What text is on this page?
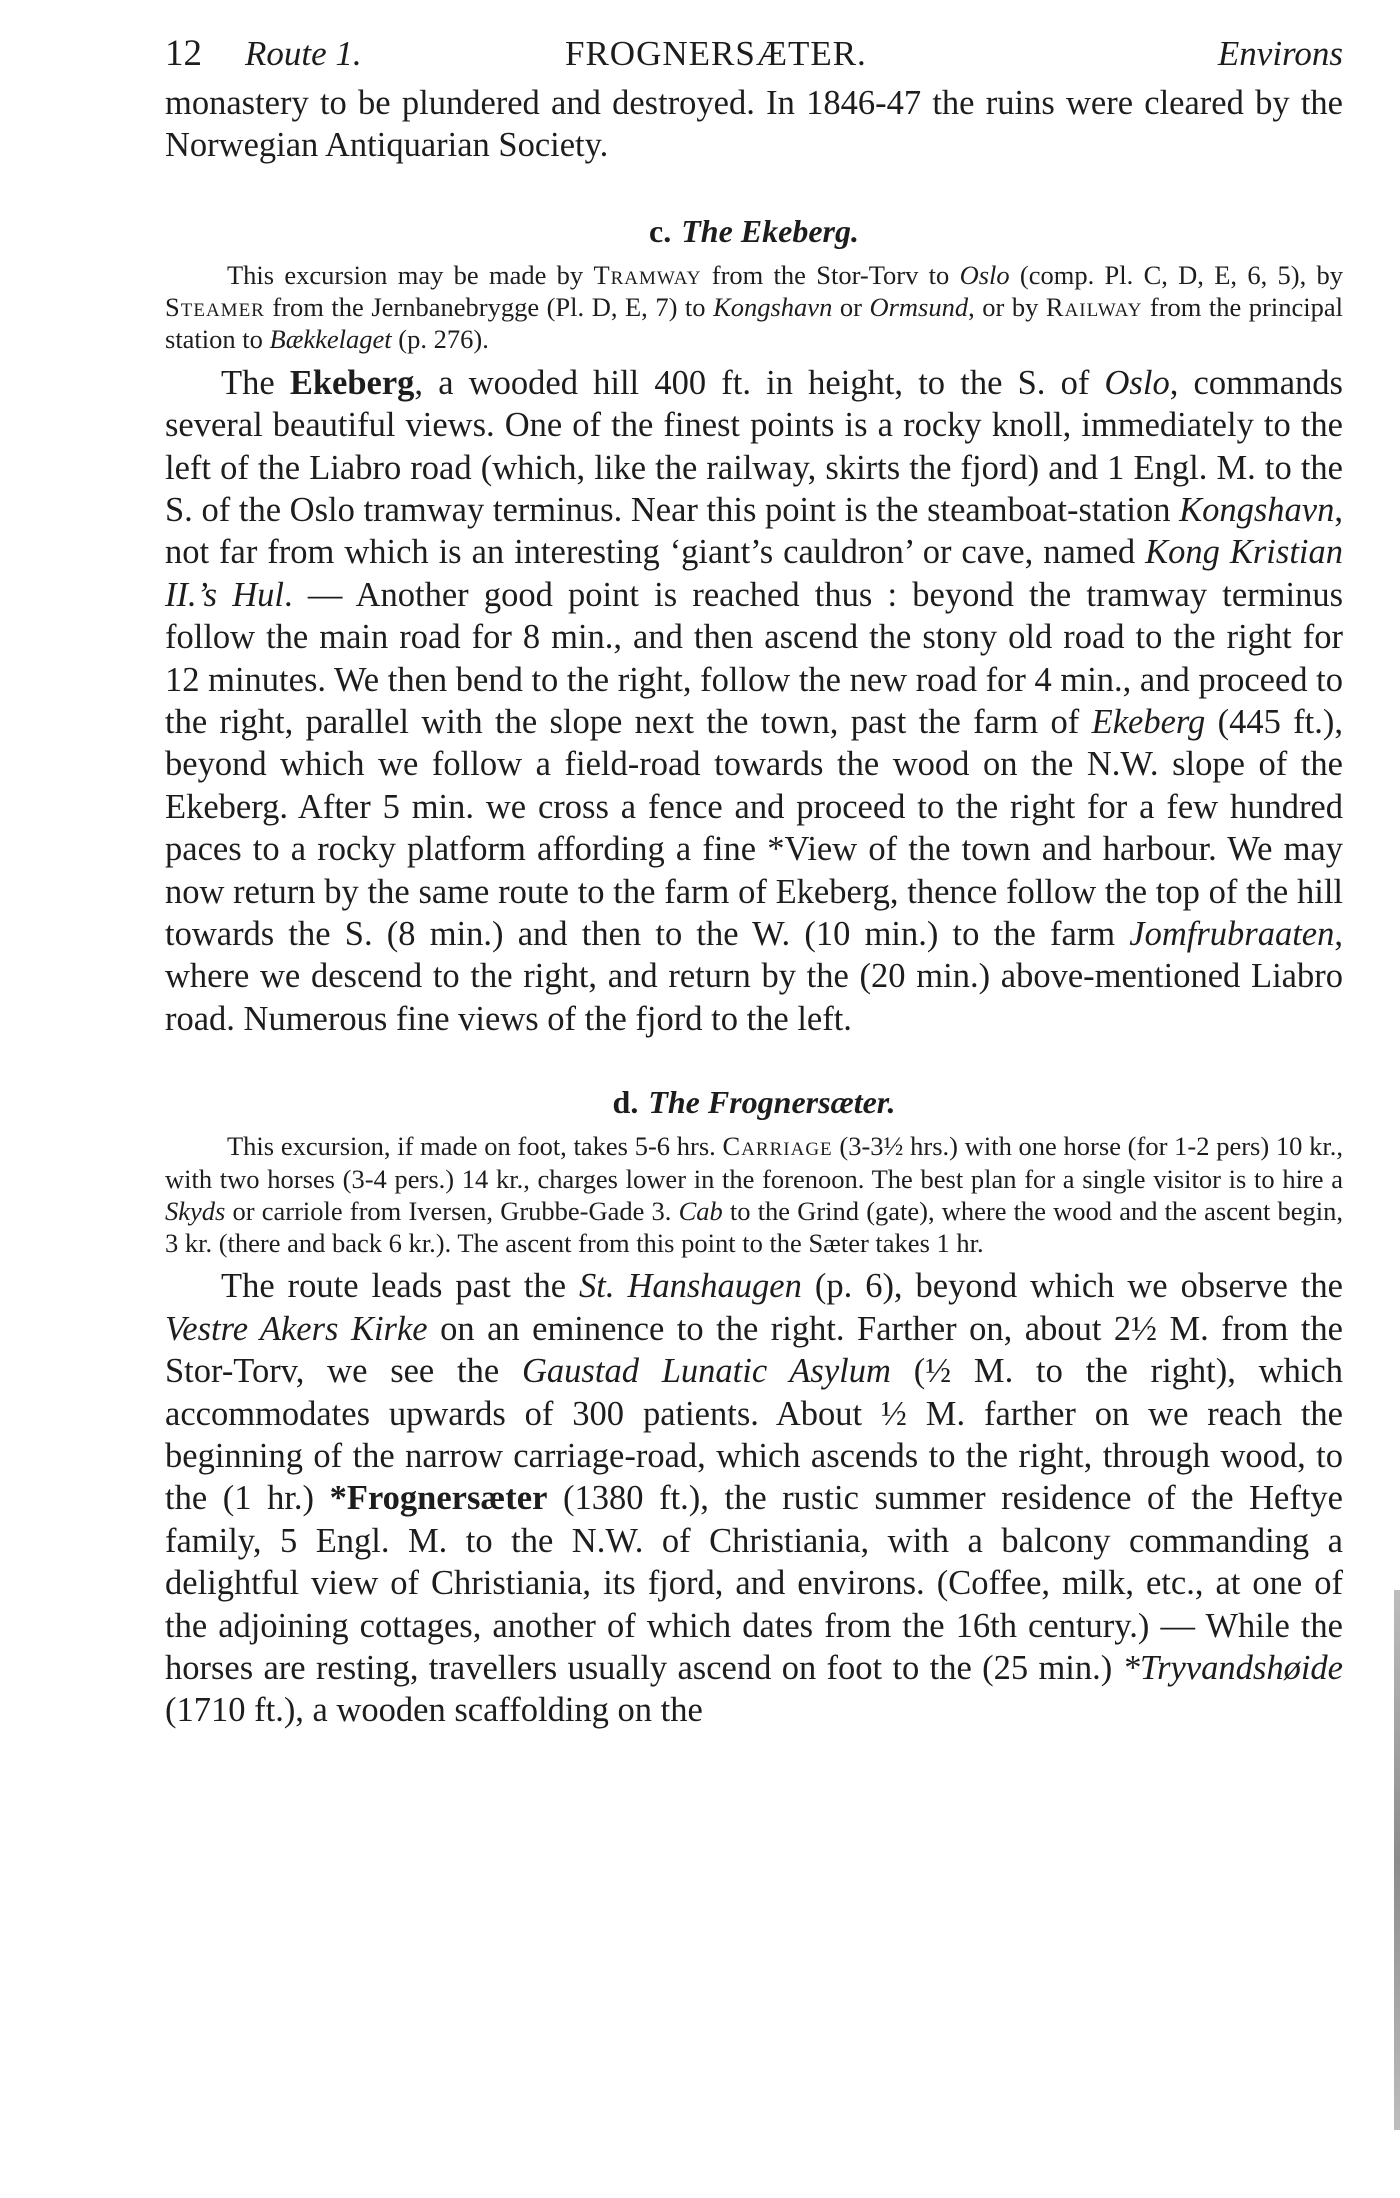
12 Route 1.	FROGNERSÆTER.	Environs

monastery to be plundered and destroyed. In 1846-47 the ruins were cleared by the Norwegian Antiquarian Society.

c. The Ekeberg.

This excursion may be made by Tramway from the Stor-Torv to Oslo (comp. Pl. C, D, E, 6, 5), by Steamer from the Jernbanebrygge (Pl. D, E, 7) to Kongshavn or Ormsund, or by Railway from the principal station to Bækkelaget (p. 276).

The Ekeberg, a wooded hill 400 ft. in height, to the S. of Oslo, commands several beautiful views. One of the finest points is a rocky knoll, immediately to the left of the Liabro road (which, like the railway, skirts the fjord) and 1 Engl. M. to the S. of the Oslo tramway terminus. Near this point is the steamboat-station Kongshavn, not far from which is an interesting ‘giant’s cauldron’ or cave, named Kong Kristian II.’s Hul. — Another good point is reached thus : beyond the tramway terminus follow the main road for 8 min., and then ascend the stony old road to the right for 12 minutes. We then bend to the right, follow the new road for 4 min., and proceed to the right, parallel with the slope next the town, past the farm of Ekeberg (445 ft.), beyond which we follow a field-road towards the wood on the N.W. slope of the Ekeberg. After 5 min. we cross a fence and proceed to the right for a few hundred paces to a rocky platform affording a fine *View of the town and harbour. We may now return by the same route to the farm of Ekeberg, thence follow the top of the hill towards the S. (8 min.) and then to the W. (10 min.) to the farm Jomfrubraaten, where we descend to the right, and return by the (20 min.) above-mentioned Liabro road. Numerous fine views of the fjord to the left.

d. The Frognersæter.

This excursion, if made on foot, takes 5-6 hrs. Carriage (3-3½ hrs.) with one horse (for 1-2 pers) 10 kr., with two horses (3-4 pers.) 14 kr., charges lower in the forenoon. The best plan for a single visitor is to hire a Skyds or carriole from Iversen, Grubbe-Gade 3. Cab to the Grind (gate), where the wood and the ascent begin, 3 kr. (there and back 6 kr.). The ascent from this point to the Sæter takes 1 hr.

The route leads past the St. Hanshaugen (p. 6), beyond which we observe the Vestre Akers Kirke on an eminence to the right. Farther on, about 2½ M. from the Stor-Torv, we see the Gaustad Lunatic Asylum (½ M. to the right), which accommodates upwards of 300 patients. About ½ M. farther on we reach the beginning of the narrow carriage-road, which ascends to the right, through wood, to the (1 hr.) *Frognersæter (1380 ft.), the rustic summer residence of the Heftye family, 5 Engl. M. to the N.W. of Christiania, with a balcony commanding a delightful view of Christiania, its fjord, and environs. (Coffee, milk, etc., at one of the adjoining cottages, another of which dates from the 16th century.) — While the horses are resting, travellers usually ascend on foot to the (25 min.) *Tryvandshøide (1710 ft.), a wooden scaffolding on the
